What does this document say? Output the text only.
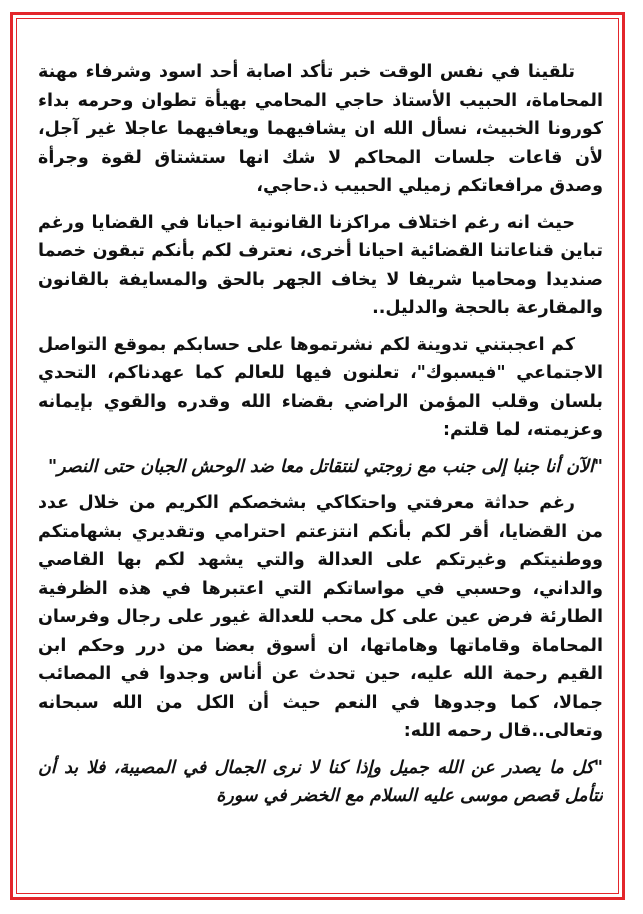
تلقينا في نفس الوقت خبر تأكد اصابة أحد اسود وشرفاء مهنة المحاماة، الحبيب الأستاذ حاجي المحامي بهيأة تطوان وحرمه بداء كورونا الخبيث، نسأل الله ان يشافيهما ويعافيهما عاجلا غير آجل، لأن قاعات جلسات المحاكم لا شك انها ستشتاق لقوة وجرأة وصدق مرافعاتكم زميلي الحبيب ذ.حاجي،

حيث انه رغم اختلاف مراكزنا القانونية احيانا في القضايا ورغم تباين قناعاتنا القضائية احيانا أخرى، نعترف لكم بأنكم تبقون خصما صنديدا ومحاميا شريفا لا يخاف الجهر بالحق والمسايفة بالقانون والمقارعة بالحجة والدليل..

كم اعجبتني تدوينة لكم نشرتموها على حسابكم بموقع التواصل الاجتماعي "فيسبوك"، تعلنون فيها للعالم كما عهدناكم، التحدي بلسان وقلب المؤمن الراضي بقضاء الله وقدره والقوي بإيمانه وعزيمته، لما قلتم:

"الآن أنا جنبا إلى جنب مع زوجتي لنتقاتل معا ضد الوحش الجبان حتى النصر"

رغم حداثة معرفتي واحتكاكي بشخصكم الكريم من خلال عدد من القضايا، أقر لكم بأنكم انتزعتم احترامي وتقديري بشهامتكم ووطنيتكم وغيرتكم على العدالة والتي يشهد لكم بها القاصي والداني، وحسبي في مواساتكم التي اعتبرها في هذه الظرفية الطارئة فرض عين على كل محب للعدالة غيور على رجال وفرسان المحاماة وقاماتها وهاماتها، ان أسوق بعضا من درر وحكم ابن القيم رحمة الله عليه، حين تحدث عن أناس وجدوا في المصائب جمالا، كما وجدوها في النعم حيث أن الكل من الله سبحانه وتعالى..قال رحمه الله:

"كل ما يصدر عن الله جميل وإذا كنا لا نرى الجمال في المصيبة، فلا بد أن نتأمل قصص موسى عليه السلام مع الخضر في سورة
